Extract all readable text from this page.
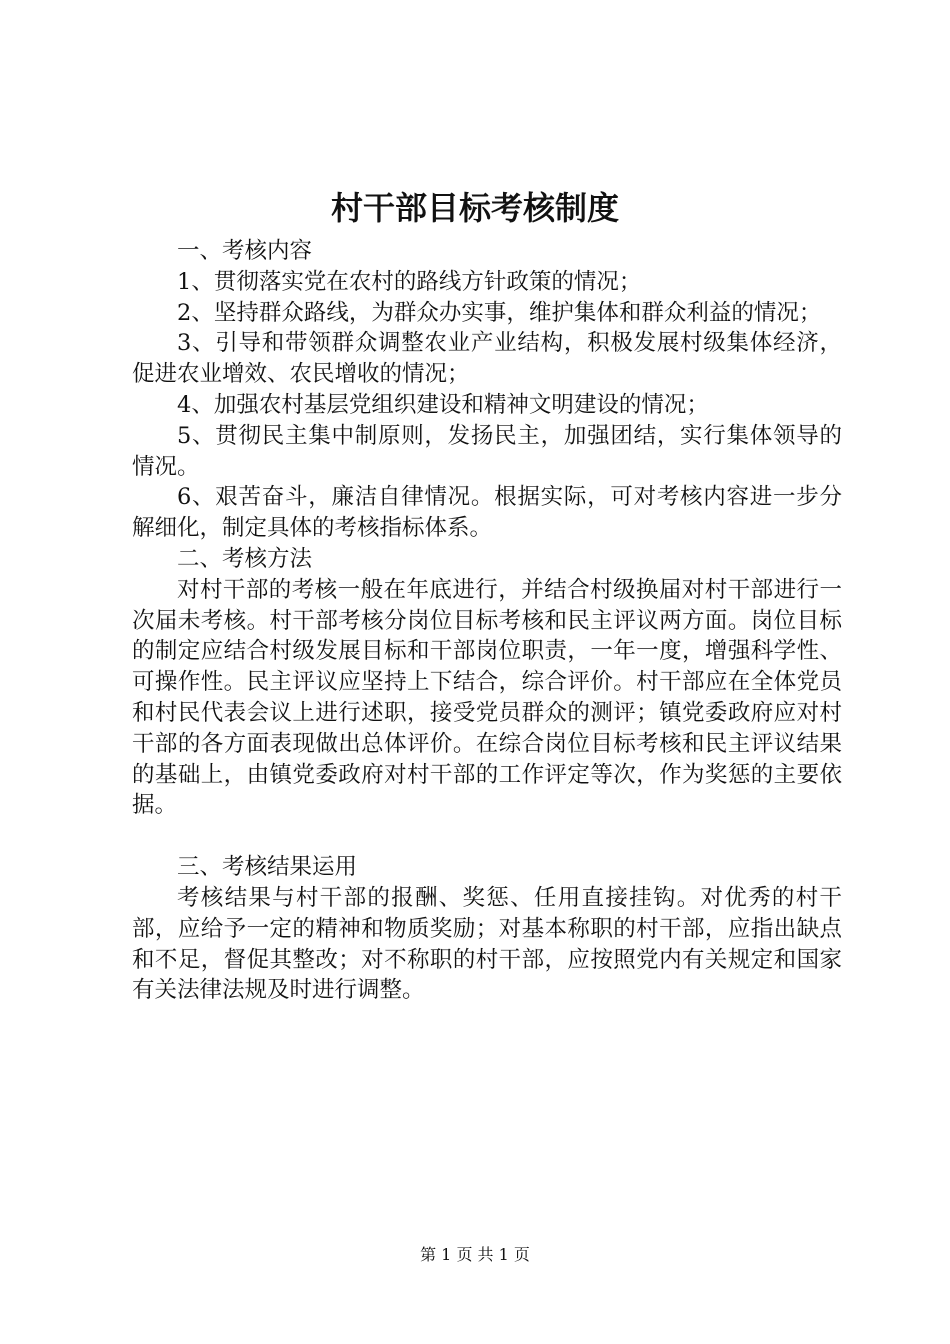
村干部目标考核制度

一、考核内容

1、贯彻落实党在农村的路线方针政策的情况；

2、坚持群众路线，为群众办实事，维护集体和群众利益的情况；

3、引导和带领群众调整农业产业结构，积极发展村级集体经济，促进农业增效、农民增收的情况；

4、加强农村基层党组织建设和精神文明建设的情况；

5、贯彻民主集中制原则，发扬民主，加强团结，实行集体领导的情况。

6、艰苦奋斗，廉洁自律情况。根据实际，可对考核内容进一步分解细化，制定具体的考核指标体系。

二、考核方法

对村干部的考核一般在年底进行，并结合村级换届对村干部进行一次届未考核。村干部考核分岗位目标考核和民主评议两方面。岗位目标的制定应结合村级发展目标和干部岗位职责，一年一度，增强科学性、可操作性。民主评议应坚持上下结合，综合评价。村干部应在全体党员和村民代表会议上进行述职，接受党员群众的测评；镇党委政府应对村干部的各方面表现做出总体评价。在综合岗位目标考核和民主评议结果的基础上，由镇党委政府对村干部的工作评定等次，作为奖惩的主要依据。

三、考核结果运用

考核结果与村干部的报酬、奖惩、任用直接挂钩。对优秀的村干部，应给予一定的精神和物质奖励；对基本称职的村干部，应指出缺点和不足，督促其整改；对不称职的村干部，应按照党内有关规定和国家有关法律法规及时进行调整。

第 1 页 共 1 页
